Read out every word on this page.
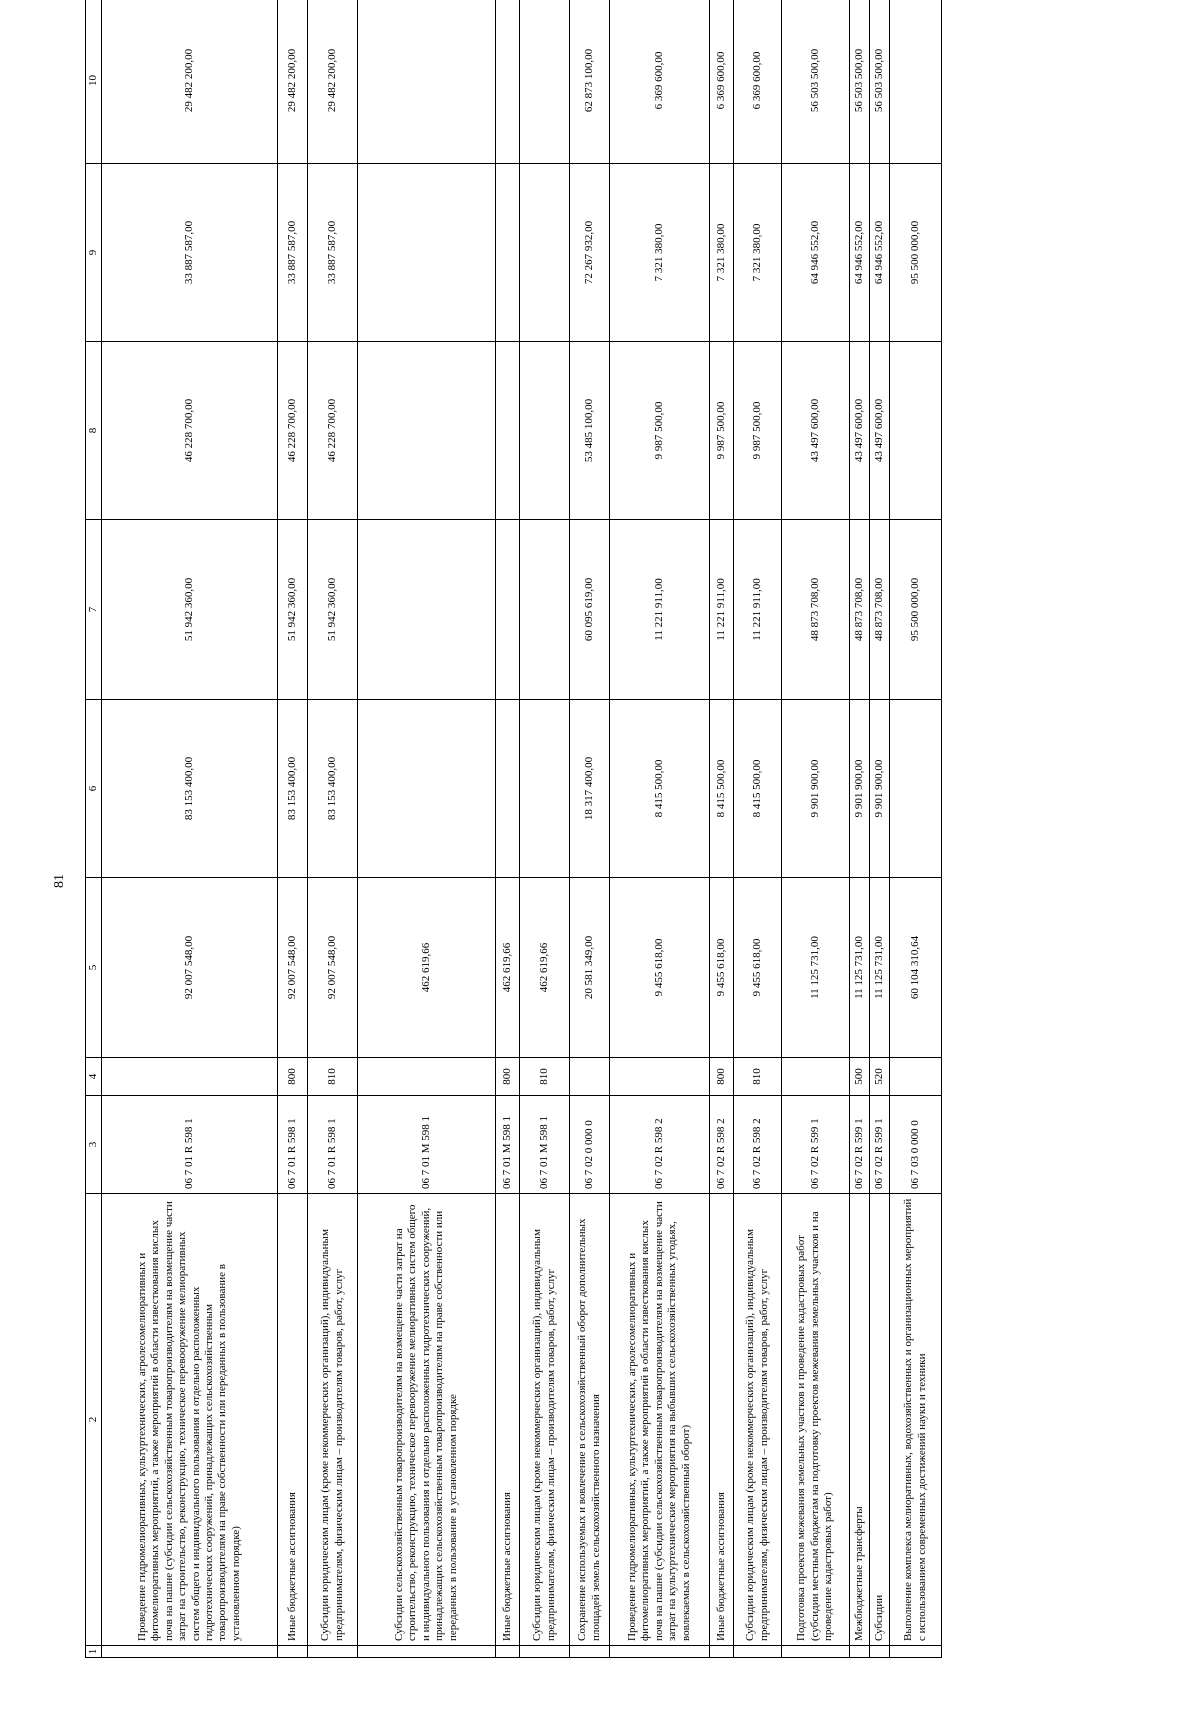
81
1	2	3	4	5	6	7	8	9	10
	Проведение гидромелиоративных, культуртехнических, агролесомелиоративных и фитомелиоративных мероприятий, а также мероприятий в области известкования кислых почв на пашне (субсидии сельскохозяйственным товаропроизводителям на возмещение части затрат на строительство, реконструкцию, техническое перевооружение мелиоративных систем общего и индивидуального пользования и отдельно расположенных гидротехнических сооружений, принадлежащих сельскохозяйственным товаропроизводителям на праве собственности или переданных в пользование в установленном порядке)	06 7 01 R 598 1		92 007 548,00	83 153 400,00	51 942 360,00	46 228 700,00	33 887 587,00	29 482 200,00
	Иные бюджетные ассигнования	06 7 01 R 598 1	800	92 007 548,00	83 153 400,00	51 942 360,00	46 228 700,00	33 887 587,00	29 482 200,00
	Субсидии юридическим лицам (кроме некоммерческих организаций), индивидуальным предпринимателям, физическим лицам – производителям товаров, работ, услуг	06 7 01 R 598 1	810	92 007 548,00	83 153 400,00	51 942 360,00	46 228 700,00	33 887 587,00	29 482 200,00
	Субсидии сельскохозяйственным товаропроизводителям на возмещение части затрат на строительство, реконструкцию, техническое перевооружение мелиоративных систем общего и индивидуального пользования и отдельно расположенных гидротехнических сооружений, принадлежащих сельскохозяйственным товаропроизводителям на праве собственности или переданных в пользование в установленном порядке	06 7 01 M 598 1		462 619,66					
	Иные бюджетные ассигнования	06 7 01 M 598 1	800	462 619,66					
	Субсидии юридическим лицам (кроме некоммерческих организаций), индивидуальным предпринимателям, физическим лицам – производителям товаров, работ, услуг	06 7 01 M 598 1	810	462 619,66					
	Сохранение используемых и вовлечение в сельскохозяйственный оборот дополнительных площадей земель сельскохозяйственного назначения	06 7 02 0 000 0		20 581 349,00	18 317 400,00	60 095 619,00	53 485 100,00	72 267 932,00	62 873 100,00
	Проведение гидромелиоративных, культуртехнических, агролесомелиоративных и фитомелиоративных мероприятий, а также мероприятий в области известкования кислых почв на пашне (субсидии сельскохозяйственным товаропроизводителям на возмещение части затрат на культуртехнические мероприятия на выбывших сельскохозяйственных угодьях, вовлекаемых в сельскохозяйственный оборот)	06 7 02 R 598 2		9 455 618,00	8 415 500,00	11 221 911,00	9 987 500,00	7 321 380,00	6 369 600,00
	Иные бюджетные ассигнования	06 7 02 R 598 2	800	9 455 618,00	8 415 500,00	11 221 911,00	9 987 500,00	7 321 380,00	6 369 600,00
	Субсидии юридическим лицам (кроме некоммерческих организаций), индивидуальным предпринимателям, физическим лицам – производителям товаров, работ, услуг	06 7 02 R 598 2	810	9 455 618,00	8 415 500,00	11 221 911,00	9 987 500,00	7 321 380,00	6 369 600,00
	Подготовка проектов межевания земельных участков и проведение кадастровых работ (субсидии местным бюджетам на подготовку проектов межевания земельных участков и на проведение кадастровых работ)	06 7 02 R 599 1		11 125 731,00	9 901 900,00	48 873 708,00	43 497 600,00	64 946 552,00	56 503 500,00
	Межбюджетные трансферты	06 7 02 R 599 1	500	11 125 731,00	9 901 900,00	48 873 708,00	43 497 600,00	64 946 552,00	56 503 500,00
	Субсидии	06 7 02 R 599 1	520	11 125 731,00	9 901 900,00	48 873 708,00	43 497 600,00	64 946 552,00	56 503 500,00
	Выполнение комплекса мелиоративных, водохозяйственных и организационных мероприятий с использованием современных достижений науки и техники	06 7 03 0 000 0		60 104 310,64		95 500 000,00		95 500 000,00	
